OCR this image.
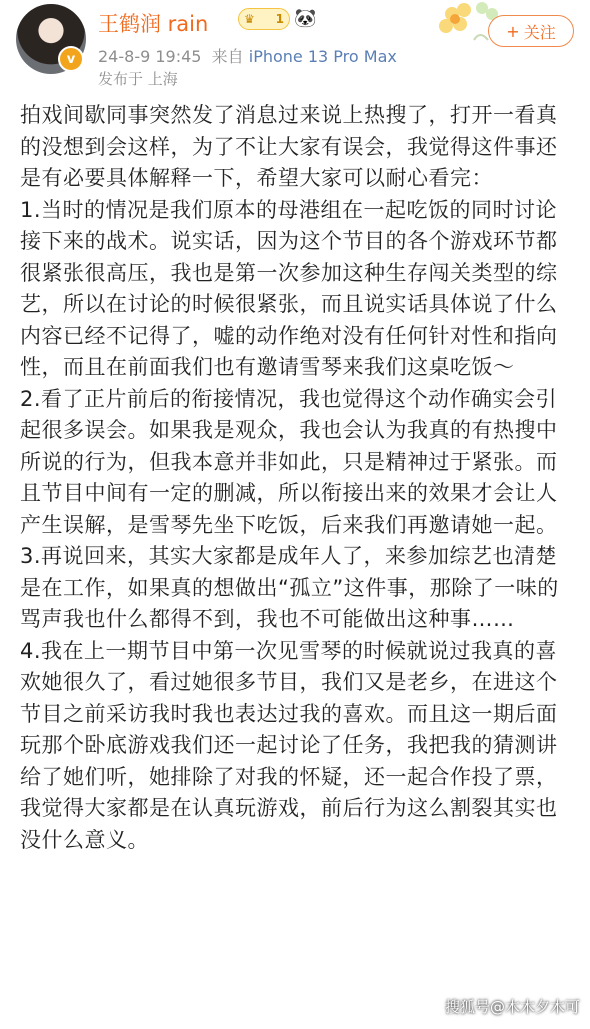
v
王鹤润 rain	♛ 1 🐼
24-8-9 19:45 来自 iPhone 13 Pro Max
发布于 上海
+ 关注

拍戏间歇同事突然发了消息过来说上热搜了，打开一看真的没想到会这样，为了不让大家有误会，我觉得这件事还是有必要具体解释一下，希望大家可以耐心看完：

1.当时的情况是我们原本的母港组在一起吃饭的同时讨论接下来的战术。说实话，因为这个节目的各个游戏环节都很紧张很高压，我也是第一次参加这种生存闯关类型的综艺，所以在讨论的时候很紧张，而且说实话具体说了什么内容已经不记得了，嘘的动作绝对没有任何针对性和指向性，而且在前面我们也有邀请雪琴来我们这桌吃饭～

2.看了正片前后的衔接情况，我也觉得这个动作确实会引起很多误会。如果我是观众，我也会认为我真的有热搜中所说的行为，但我本意并非如此，只是精神过于紧张。而且节目中间有一定的删减，所以衔接出来的效果才会让人产生误解，是雪琴先坐下吃饭，后来我们再邀请她一起。

3.再说回来，其实大家都是成年人了，来参加综艺也清楚是在工作，如果真的想做出“孤立”这件事，那除了一味的骂声我也什么都得不到，我也不可能做出这种事……

4.我在上一期节目中第一次见雪琴的时候就说过我真的喜欢她很久了，看过她很多节目，我们又是老乡，在进这个节目之前采访我时我也表达过我的喜欢。而且这一期后面玩那个卧底游戏我们还一起讨论了任务，我把我的猜测讲给了她们听，她排除了对我的怀疑，还一起合作投了票，我觉得大家都是在认真玩游戏，前后行为这么割裂其实也没什么意义。

搜狐号@木木夕木可
